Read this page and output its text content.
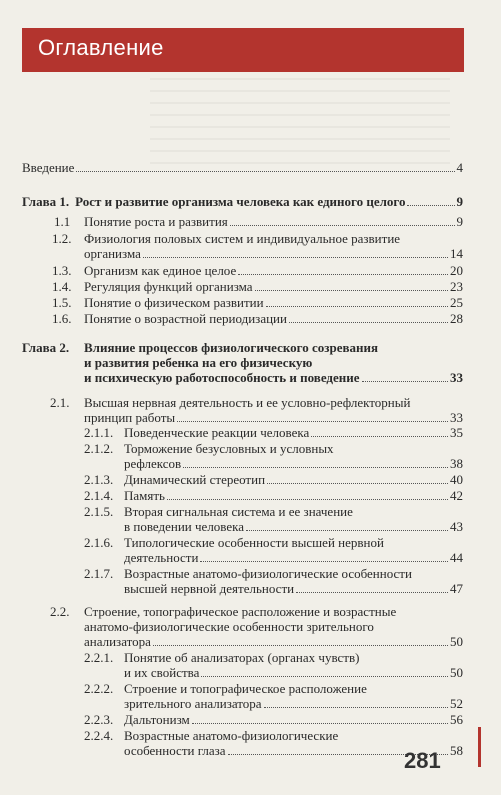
Оглавление
Введение	4
Глава 1. Рост и развитие организма человека как единого целого	9
1.1 Понятие роста и развития	9
1.2. Физиология половых систем и индивидуальное развитие
организма	14
1.3. Организм как единое целое	20
1.4. Регуляция функций организма	23
1.5. Понятие о физическом развитии	25
1.6. Понятие о возрастной периодизации	28
Глава 2. Влияние процессов физиологического созревания
и развития ребенка на его физическую
и психическую работоспособность и поведение	33
2.1. Высшая нервная деятельность и ее условно-рефлекторный
принцип работы	33
2.1.1. Поведенческие реакции человека	35
2.1.2. Торможение безусловных и условных
рефлексов	38
2.1.3. Динамический стереотип	40
2.1.4. Память	42
2.1.5. Вторая сигнальная система и ее значение
в поведении человека	43
2.1.6. Типологические особенности высшей нервной
деятельности	44
2.1.7. Возрастные анатомо-физиологические особенности
высшей нервной деятельности	47
2.2. Строение, топографическое расположение и возрастные
анатомо-физиологические особенности зрительного
анализатора	50
2.2.1. Понятие об анализаторах (органах чувств)
и их свойства	50
2.2.2. Строение и топографическое расположение
зрительного анализатора	52
2.2.3. Дальтонизм	56
2.2.4. Возрастные анатомо-физиологические
особенности глаза	58
281
